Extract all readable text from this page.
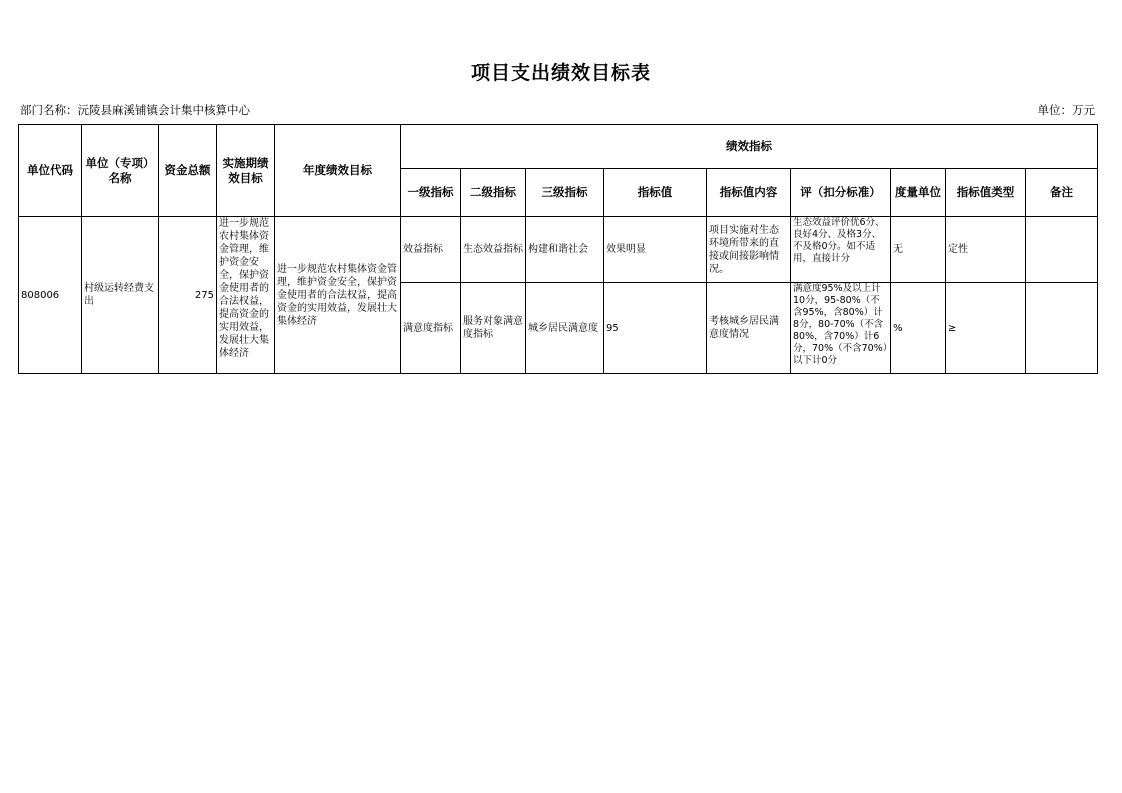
项目支出绩效目标表
部门名称：沅陵县麻溪铺镇会计集中核算中心	单位：万元
单位代码	单位（专项）名称	资金总额	实施期绩效目标	年度绩效目标	绩效指标								
					一级指标	二级指标	三级指标	指标值	指标值内容	评（扣分标准）	度量单位	指标值类型	备注
808006	村级运转经费支出	275	进一步规范农村集体资金管理，维护资金安全，保护资金使用者的合法权益，提高资金的实用效益，发展壮大集体经济	进一步规范农村集体资金管理，维护资金安全，保护资金使用者的合法权益，提高资金的实用效益，发展壮大集体经济	效益指标	生态效益指标	构建和谐社会	效果明显	项目实施对生态环境所带来的直接或间接影响情况。	生态效益评价优6分、良好4分、及格3分、不及格0分。如不适用，直接计分	无	定性	
					满意度指标	服务对象满意度指标	城乡居民满意度	95	考核城乡居民满意度情况	满意度95%及以上计10分，95-80%（不含95%，含80%）计8分，80-70%（不含80%，含70%）计6分，70%（不含70%）以下计0分	%	≥	
